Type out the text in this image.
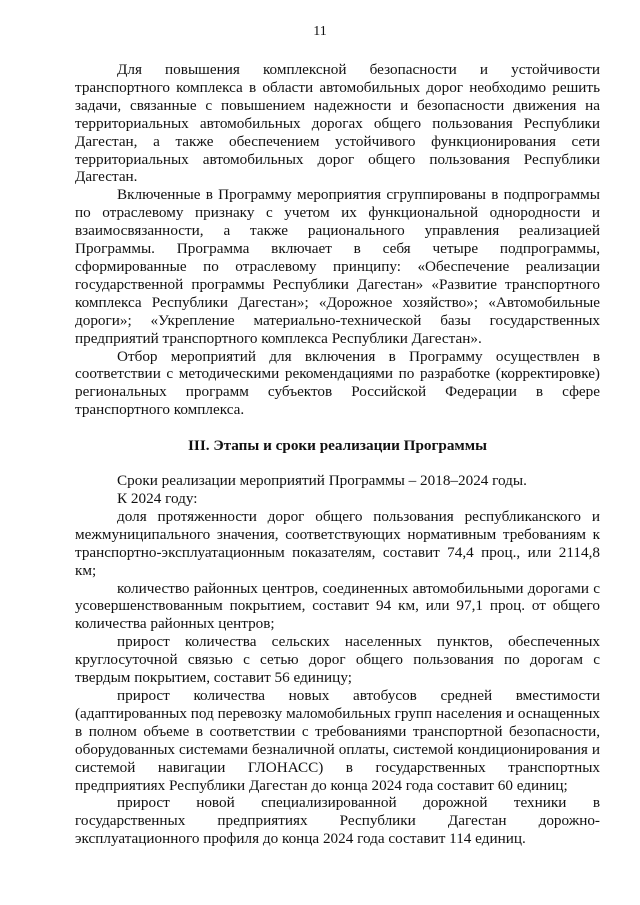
11

Для повышения комплексной безопасности и устойчивости транспортного комплекса в области автомобильных дорог необходимо решить задачи, связанные с повышением надежности и безопасности движения на территориальных автомобильных дорогах общего пользования Республики Дагестан, а также обеспечением устойчивого функционирования сети территориальных автомобильных дорог общего пользования Республики Дагестан.

Включенные в Программу мероприятия сгруппированы в подпрограммы по отраслевому признаку с учетом их функциональной однородности и взаимосвязанности, а также рационального управления реализацией Программы. Программа включает в себя четыре подпрограммы, сформированные по отраслевому принципу: «Обеспечение реализации государственной программы Республики Дагестан» «Развитие транспортного комплекса Республики Дагестан»; «Дорожное хозяйство»; «Автомобильные дороги»; «Укрепление материально-технической базы государственных предприятий транспортного комплекса Республики Дагестан».

Отбор мероприятий для включения в Программу осуществлен в соответствии с методическими рекомендациями по разработке (корректировке) региональных программ субъектов Российской Федерации в сфере транспортного комплекса.

III. Этапы и сроки реализации Программы

Сроки реализации мероприятий Программы – 2018–2024 годы.

К 2024 году:

доля протяженности дорог общего пользования республиканского и межмуниципального значения, соответствующих нормативным требованиям к транспортно-эксплуатационным показателям, составит 74,4 проц., или 2114,8 км;

количество районных центров, соединенных автомобильными дорогами с усовершенствованным покрытием, составит 94 км, или 97,1 проц. от общего количества районных центров;

прирост количества сельских населенных пунктов, обеспеченных круглосуточной связью с сетью дорог общего пользования по дорогам с твердым покрытием, составит 56 единицу;

прирост количества новых автобусов средней вместимости (адаптированных под перевозку маломобильных групп населения и оснащенных в полном объеме в соответствии с требованиями транспортной безопасности, оборудованных системами безналичной оплаты, системой кондиционирования и системой навигации ГЛОНАСС) в государственных транспортных предприятиях Республики Дагестан до конца 2024 года составит 60 единиц;

прирост новой специализированной дорожной техники в государственных предприятиях Республики Дагестан дорожно-эксплуатационного профиля до конца 2024 года составит 114 единиц.
